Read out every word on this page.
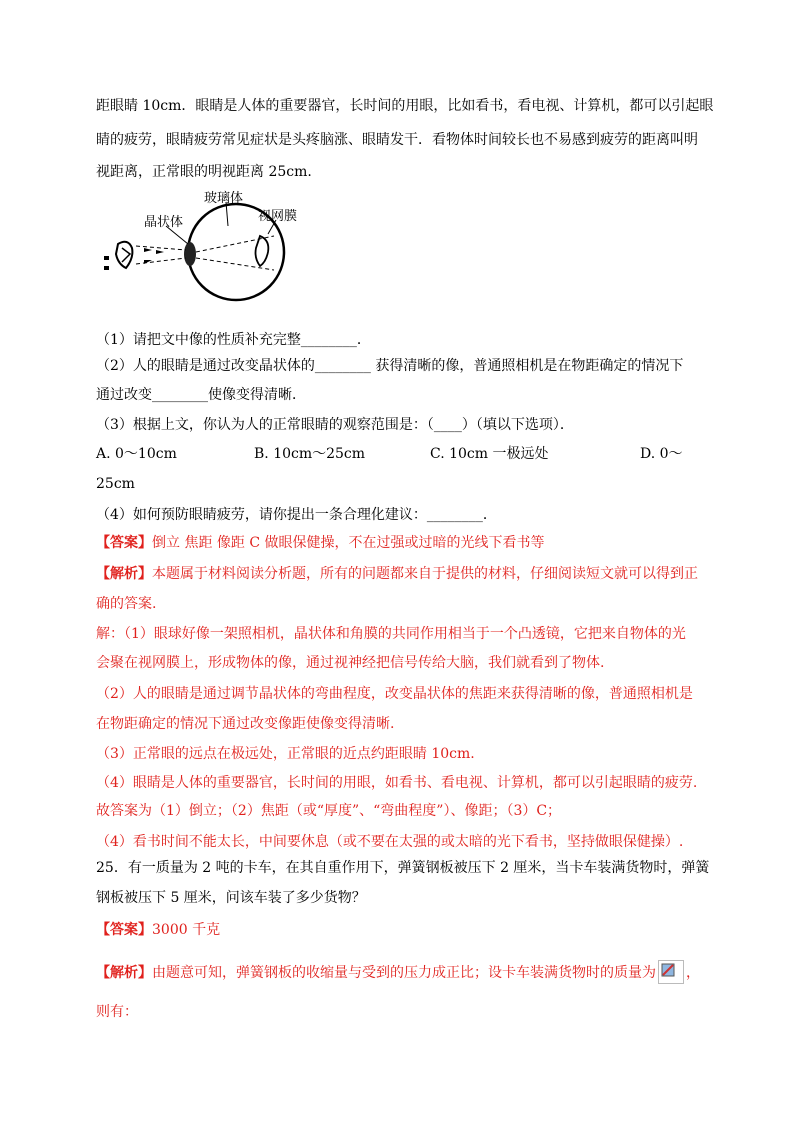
距眼睛 10cm．眼睛是人体的重要器官，长时间的用眼，比如看书，看电视、计算机，都可以引起眼
睛的疲劳，眼睛疲劳常见症状是头疼脑涨、眼睛发干．看物体时间较长也不易感到疲劳的距离叫明
视距离，正常眼的明视距离 25cm.
玻璃体
晶状体	视网膜
（1）请把文中像的性质补充完整________．
（2）人的眼睛是通过改变晶状体的________ 获得清晰的像，普通照相机是在物距确定的情况下
通过改变________使像变得清晰．
（3）根据上文，你认为人的正常眼睛的观察范围是：（____）（填以下选项）．
A. 0～10cm	B. 10cm～25cm	C. 10cm 一极远处	D. 0～
25cm
（4）如何预防眼睛疲劳，请你提出一条合理化建议：________．
【答案】倒立 焦距 像距 C 做眼保健操，不在过强或过暗的光线下看书等
【解析】本题属于材料阅读分析题，所有的问题都来自于提供的材料，仔细阅读短文就可以得到正
确的答案.
解：（1）眼球好像一架照相机，晶状体和角膜的共同作用相当于一个凸透镜，它把来自物体的光
会聚在视网膜上，形成物体的像，通过视神经把信号传给大脑，我们就看到了物体.
（2）人的眼睛是通过调节晶状体的弯曲程度，改变晶状体的焦距来获得清晰的像，普通照相机是
在物距确定的情况下通过改变像距使像变得清晰.
（3）正常眼的远点在极远处，正常眼的近点约距眼睛 10cm.
（4）眼睛是人体的重要器官，长时间的用眼，如看书、看电视、计算机，都可以引起眼睛的疲劳.
故答案为（1）倒立；（2）焦距（或“厚度”、“弯曲程度”）、像距；（3）C；
（4）看书时间不能太长，中间要休息（或不要在太强的或太暗的光下看书，坚持做眼保健操）.
25．有一质量为 2 吨的卡车，在其自重作用下，弹簧钢板被压下 2 厘米，当卡车装满货物时，弹簧
钢板被压下 5 厘米，问该车装了多少货物？
【答案】3000 千克
【解析】由题意可知，弹簧钢板的收缩量与受到的压力成正比；设卡车装满货物时的质量为 ，
则有：
